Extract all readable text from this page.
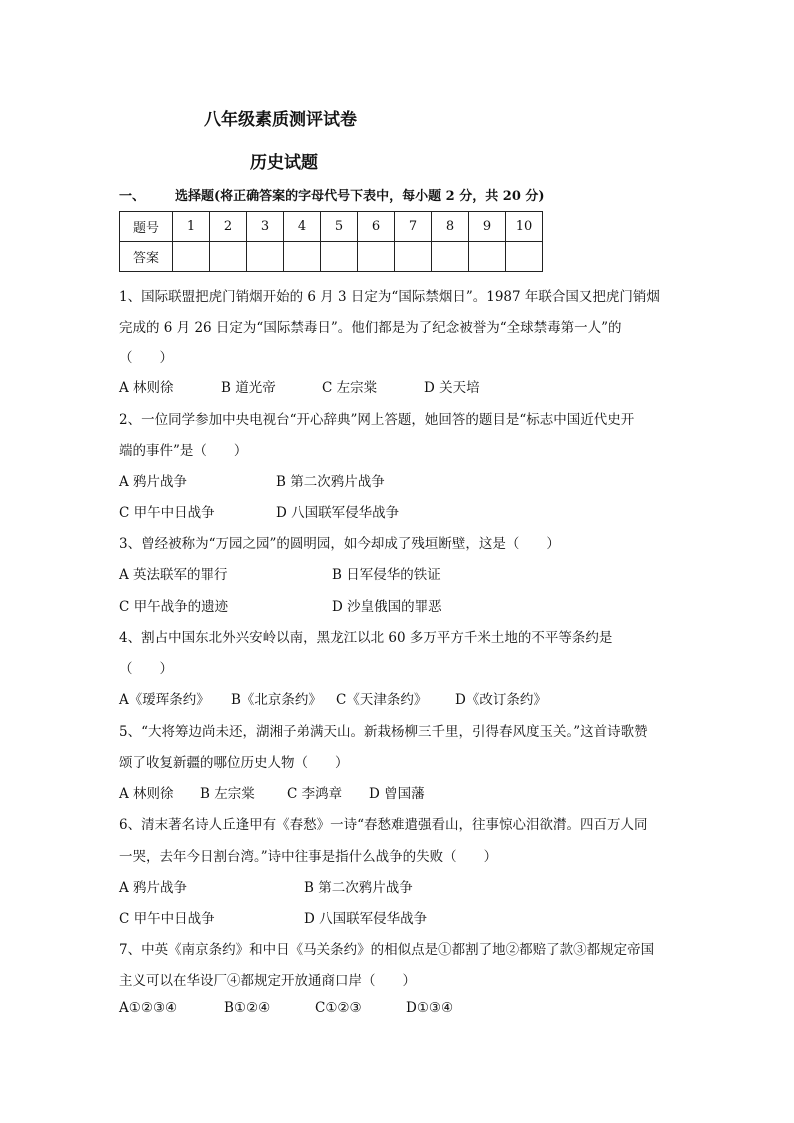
八年级素质测评试卷
历史试题
一、 选择题(将正确答案的字母代号下表中，每小题 2 分，共 20 分)
题号	1	2	3	4	5	6	7	8	9	10
答案										
1、国际联盟把虎门销烟开始的 6 月 3 日定为“国际禁烟日”。1987 年联合国又把虎门销烟
完成的 6 月 26 日定为“国际禁毒日”。他们都是为了纪念被誉为“全球禁毒第一人”的
（　　）
A 林则徐	B 道光帝	C 左宗棠	D 关天培
2、一位同学参加中央电视台“开心辞典”网上答题，她回答的题目是“标志中国近代史开
端的事件”是（　　）
A 鸦片战争	B 第二次鸦片战争
C 甲午中日战争	D 八国联军侵华战争
3、曾经被称为“万园之园”的圆明园，如今却成了残垣断壁，这是（　　）
A 英法联军的罪行	B 日军侵华的铁证
C 甲午战争的遗迹	D 沙皇俄国的罪恶
4、割占中国东北外兴安岭以南，黑龙江以北 60 多万平方千米土地的不平等条约是
（　　）
A《瑷珲条约》 B《北京条约》 C《天津条约》 D《改订条约》
5、“大将筹边尚未还，湖湘子弟满天山。新栽杨柳三千里，引得春风度玉关。”这首诗歌赞
颂了收复新疆的哪位历史人物（　　）
A 林则徐 B 左宗棠 C 李鸿章 D 曾国藩
6、清末著名诗人丘逢甲有《春愁》一诗“春愁难遣强看山，往事惊心泪欲潸。四百万人同
一哭，去年今日割台湾。”诗中往事是指什么战争的失败（　　）
A 鸦片战争	B 第二次鸦片战争
C 甲午中日战争	D 八国联军侵华战争
7、中英《南京条约》和中日《马关条约》的相似点是①都割了地②都赔了款③都规定帝国
主义可以在华设厂④都规定开放通商口岸（　　）
A①②③④	B①②④	C①②③	D①③④
